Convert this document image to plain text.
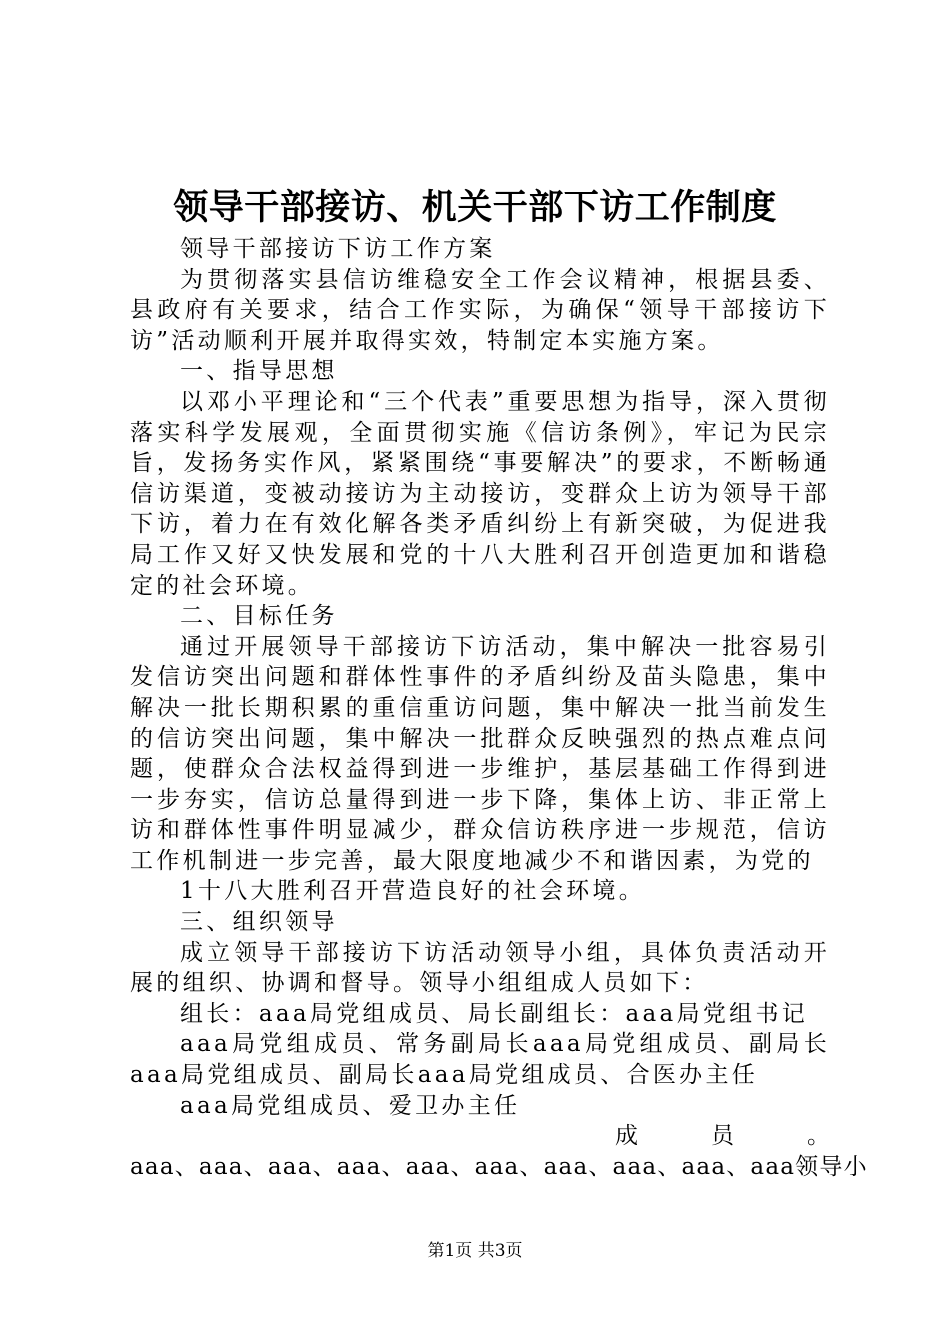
领导干部接访、机关干部下访工作制度

领导干部接访下访工作方案

为贯彻落实县信访维稳安全工作会议精神，根据县委、县政府有关要求，结合工作实际，为确保“领导干部接访下访”活动顺利开展并取得实效，特制定本实施方案。

一、指导思想

以邓小平理论和“三个代表”重要思想为指导，深入贯彻落实科学发展观，全面贯彻实施《信访条例》，牢记为民宗旨，发扬务实作风，紧紧围绕“事要解决”的要求，不断畅通信访渠道，变被动接访为主动接访，变群众上访为领导干部下访，着力在有效化解各类矛盾纠纷上有新突破，为促进我局工作又好又快发展和党的十八大胜利召开创造更加和谐稳定的社会环境。

二、目标任务

通过开展领导干部接访下访活动，集中解决一批容易引发信访突出问题和群体性事件的矛盾纠纷及苗头隐患，集中解决一批长期积累的重信重访问题，集中解决一批当前发生的信访突出问题，集中解决一批群众反映强烈的热点难点问题，使群众合法权益得到进一步维护，基层基础工作得到进一步夯实，信访总量得到进一步下降，集体上访、非正常上访和群体性事件明显减少，群众信访秩序进一步规范，信访工作机制进一步完善，最大限度地减少不和谐因素，为党的

1十八大胜利召开营造良好的社会环境。

三、组织领导

成立领导干部接访下访活动领导小组，具体负责活动开展的组织、协调和督导。领导小组组成人员如下：

组长：aaa局党组成员、局长副组长：aaa局党组书记

aaa局党组成员、常务副局长aaa局党组成员、副局长aaa局党组成员、副局长aaa局党组成员、合医办主任

aaa局党组成员、爱卫办主任

成	员	。

aaa、aaa、aaa、aaa、aaa、aaa、aaa、aaa、aaa、aaa领导小

第1页 共3页
